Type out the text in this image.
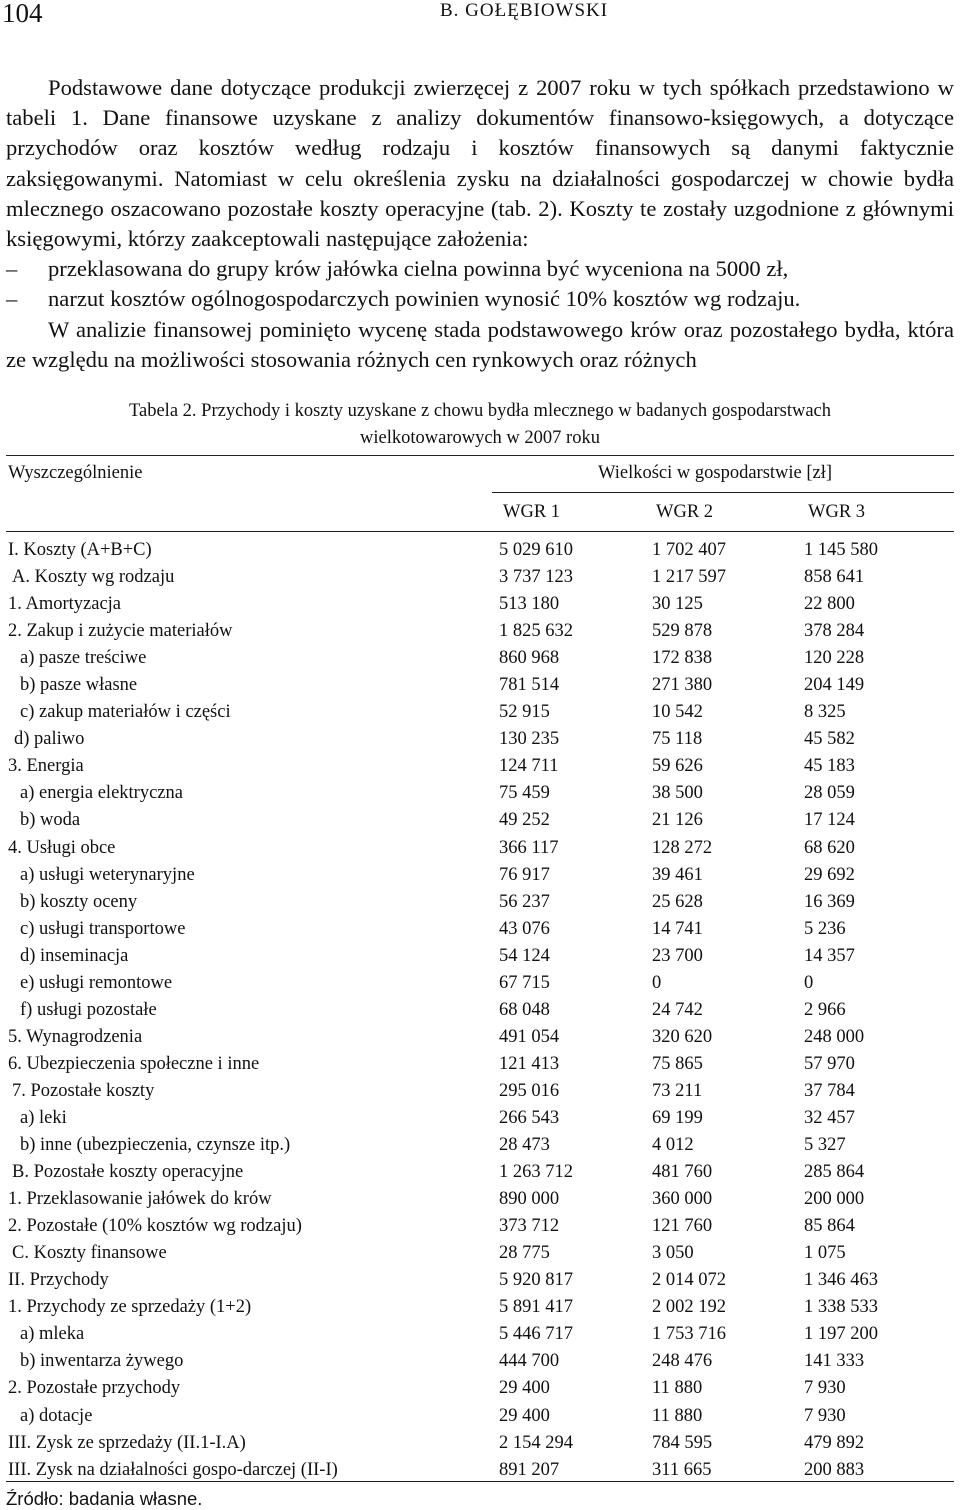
104	B. GOŁĘBIOWSKI

Podstawowe dane dotyczące produkcji zwierzęcej z 2007 roku w tych spółkach przedstawiono w tabeli 1. Dane finansowe uzyskane z analizy dokumentów finansowo-księgowych, a dotyczące przychodów oraz kosztów według rodzaju i kosztów finansowych są danymi faktycznie zaksięgowanymi. Natomiast w celu określenia zysku na działalności gospodarczej w chowie bydła mlecznego oszacowano pozostałe koszty operacyjne (tab. 2). Koszty te zostały uzgodnione z głównymi księgowymi, którzy zaakceptowali następujące założenia:

– przeklasowana do grupy krów jałówka cielna powinna być wyceniona na 5000 zł,
– narzut kosztów ogólnogospodarczych powinien wynosić 10% kosztów wg rodzaju.

W analizie finansowej pominięto wycenę stada podstawowego krów oraz pozostałego bydła, która ze względu na możliwości stosowania różnych cen rynkowych oraz różnych

Tabela 2. Przychody i koszty uzyskane z chowu bydła mlecznego w badanych gospodarstwach
wielkotowarowych w 2007 roku
Wyszczególnienie	Wielkości w gospodarstwie [zł]
WGR 1	WGR 2	WGR 3
I. Koszty (A+B+C)	5 029 610	1 702 407	1 145 580
A. Koszty wg rodzaju	3 737 123	1 217 597	858 641
1. Amortyzacja	513 180	30 125	22 800
2. Zakup i zużycie materiałów	1 825 632	529 878	378 284
a) pasze treściwe	860 968	172 838	120 228
b) pasze własne	781 514	271 380	204 149
c) zakup materiałów i części	52 915	10 542	8 325
d) paliwo	130 235	75 118	45 582
3. Energia	124 711	59 626	45 183
a) energia elektryczna	75 459	38 500	28 059
b) woda	49 252	21 126	17 124
4. Usługi obce	366 117	128 272	68 620
a) usługi weterynaryjne	76 917	39 461	29 692
b) koszty oceny	56 237	25 628	16 369
c) usługi transportowe	43 076	14 741	5 236
d) inseminacja	54 124	23 700	14 357
e) usługi remontowe	67 715	0	0
f) usługi pozostałe	68 048	24 742	2 966
5. Wynagrodzenia	491 054	320 620	248 000
6. Ubezpieczenia społeczne i inne	121 413	75 865	57 970
7. Pozostałe koszty	295 016	73 211	37 784
a) leki	266 543	69 199	32 457
b) inne (ubezpieczenia, czynsze itp.)	28 473	4 012	5 327
B. Pozostałe koszty operacyjne	1 263 712	481 760	285 864
1. Przeklasowanie jałówek do krów	890 000	360 000	200 000
2. Pozostałe (10% kosztów wg rodzaju)	373 712	121 760	85 864
C. Koszty finansowe	28 775	3 050	1 075
II. Przychody	5 920 817	2 014 072	1 346 463
1. Przychody ze sprzedaży (1+2)	5 891 417	2 002 192	1 338 533
a) mleka	5 446 717	1 753 716	1 197 200
b) inwentarza żywego	444 700	248 476	141 333
2. Pozostałe przychody	29 400	11 880	7 930
a) dotacje	29 400	11 880	7 930
III. Zysk ze sprzedaży (II.1-I.A)	2 154 294	784 595	479 892
III. Zysk na działalności gospo-darczej (II-I)	891 207	311 665	200 883
Źródło: badania własne.
